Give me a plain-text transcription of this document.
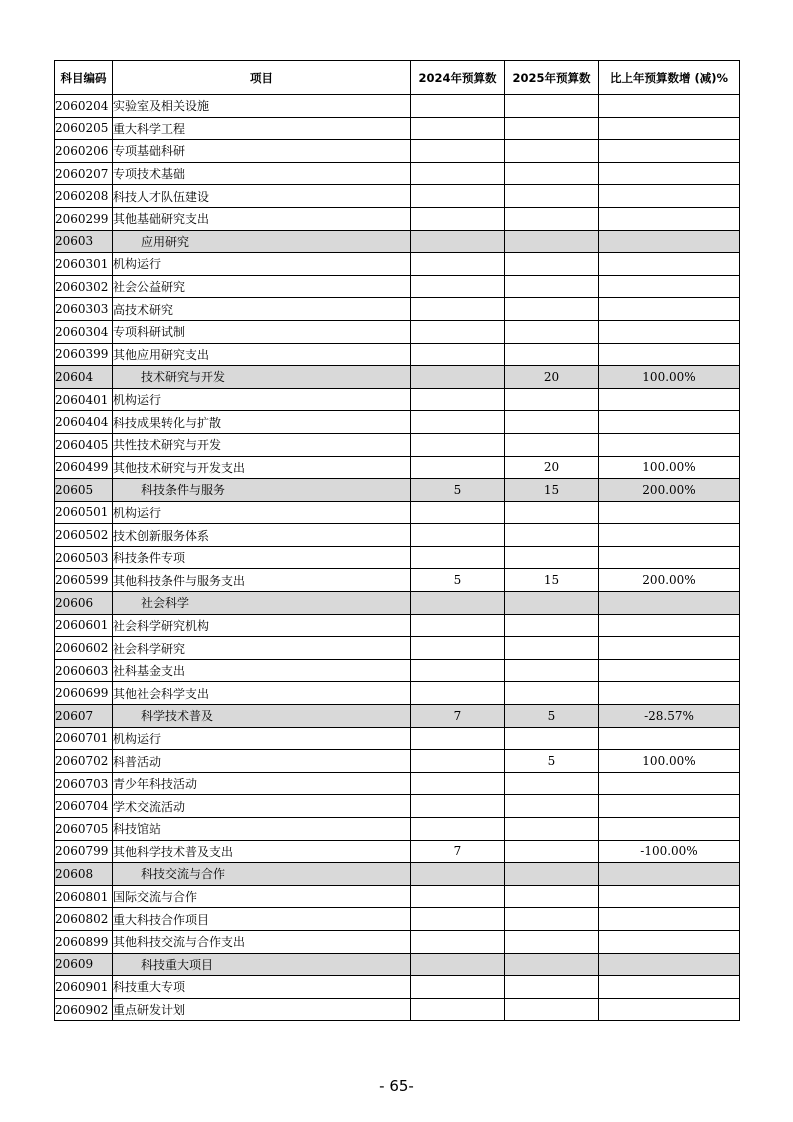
科目编码	项目	2024年预算数	2025年预算数	比上年预算数增 (减)%
2060204	实验室及相关设施			
2060205	重大科学工程			
2060206	专项基础科研			
2060207	专项技术基础			
2060208	科技人才队伍建设			
2060299	其他基础研究支出			
20603	应用研究			
2060301	机构运行			
2060302	社会公益研究			
2060303	高技术研究			
2060304	专项科研试制			
2060399	其他应用研究支出			
20604	技术研究与开发		20	100.00%
2060401	机构运行			
2060404	科技成果转化与扩散			
2060405	共性技术研究与开发			
2060499	其他技术研究与开发支出		20	100.00%
20605	科技条件与服务	5	15	200.00%
2060501	机构运行			
2060502	技术创新服务体系			
2060503	科技条件专项			
2060599	其他科技条件与服务支出	5	15	200.00%
20606	社会科学			
2060601	社会科学研究机构			
2060602	社会科学研究			
2060603	社科基金支出			
2060699	其他社会科学支出			
20607	科学技术普及	7	5	-28.57%
2060701	机构运行			
2060702	科普活动		5	100.00%
2060703	青少年科技活动			
2060704	学术交流活动			
2060705	科技馆站			
2060799	其他科学技术普及支出	7		-100.00%
20608	科技交流与合作			
2060801	国际交流与合作			
2060802	重大科技合作项目			
2060899	其他科技交流与合作支出			
20609	科技重大项目			
2060901	科技重大专项			
2060902	重点研发计划			
- 65-
